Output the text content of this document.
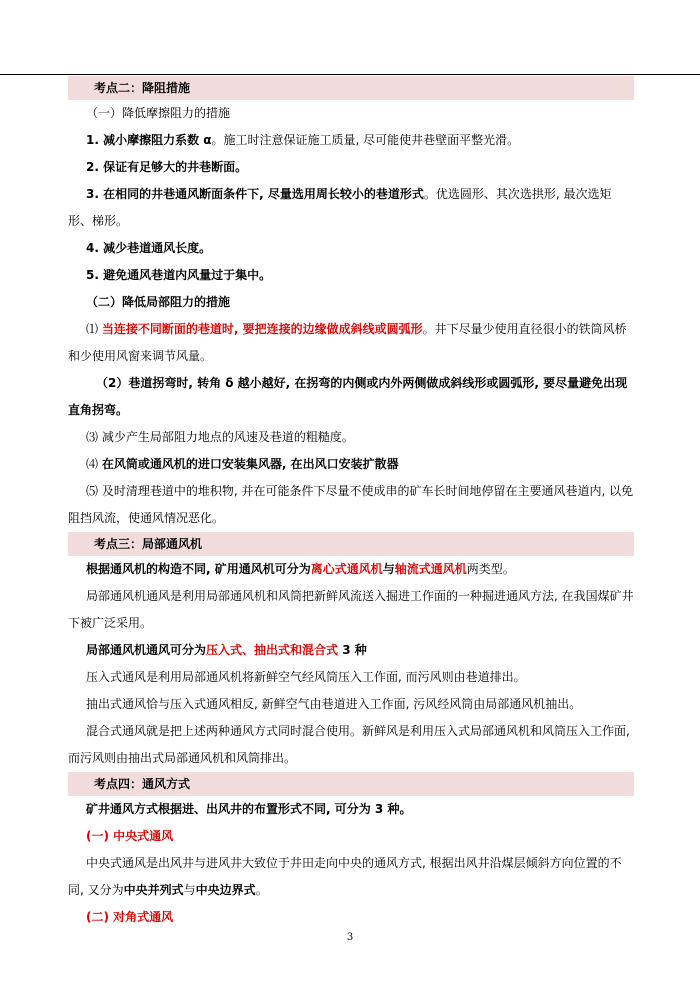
考点二：降阻措施
（一）降低摩擦阻力的措施
1. 减小摩擦阻力系数 α。施工时注意保证施工质量, 尽可能使井巷壁面平整光滑。
2. 保证有足够大的井巷断面。
3. 在相同的井巷通风断面条件下, 尽量选用周长较小的巷道形式。优选圆形、其次选拱形, 最次选矩形、梯形。
4. 减少巷道通风长度。
5. 避免通风巷道内风量过于集中。
（二）降低局部阻力的措施
⑴ 当连接不同断面的巷道时, 要把连接的边缘做成斜线或圆弧形。井下尽量少使用直径很小的铁筒风桥和少使用风窗来调节风量。
（2）巷道拐弯时, 转角 δ 越小越好, 在拐弯的内侧或内外两侧做成斜线形或圆弧形, 要尽量避免出现直角拐弯。
⑶ 减少产生局部阻力地点的风速及巷道的粗糙度。
⑷ 在风筒或通风机的进口安装集风器, 在出风口安装扩散器
⑸ 及时清理巷道中的堆积物, 并在可能条件下尽量不使成串的矿车长时间地停留在主要通风巷道内, 以免阻挡风流，使通风情况恶化。
考点三：局部通风机
根据通风机的构造不同, 矿用通风机可分为离心式通风机与轴流式通风机两类型。
局部通风机通风是利用局部通风机和风筒把新鲜风流送入掘进工作面的一种掘进通风方法, 在我国煤矿井下被广泛采用。
局部通风机通风可分为压入式、抽出式和混合式 3 种
压入式通风是利用局部通风机将新鲜空气经风筒压入工作面, 而污风则由巷道排出。
抽出式通风恰与压入式通风相反, 新鲜空气由巷道进入工作面, 污风经风筒由局部通风机抽出。
混合式通风就是把上述两种通风方式同时混合使用。新鲜风是利用压入式局部通风机和风筒压入工作面, 而污风则由抽出式局部通风机和风筒排出。
考点四：通风方式
矿井通风方式根据进、出风井的布置形式不同, 可分为 3 种。
(一) 中央式通风
中央式通风是出风井与进风井大致位于井田走向中央的通风方式, 根据出风井沿煤层倾斜方向位置的不同, 又分为中央并列式与中央边界式。
(二) 对角式通风
3
